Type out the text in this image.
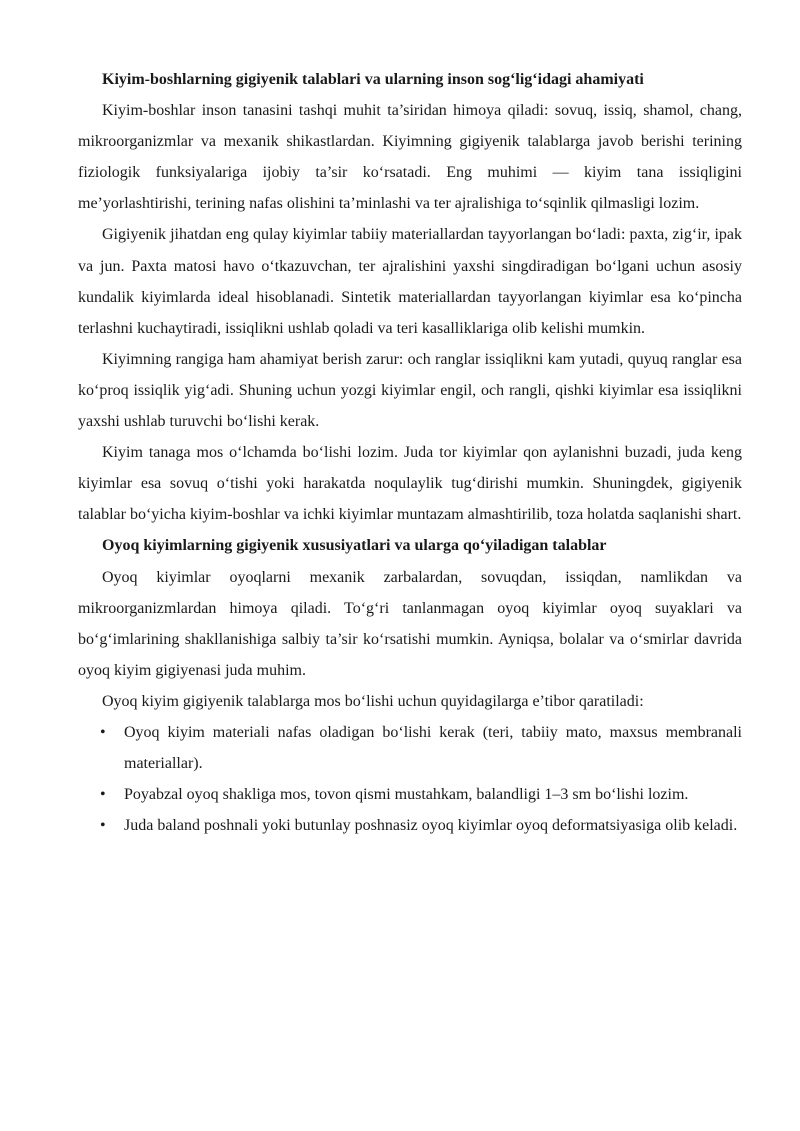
Kiyim-boshlarning gigiyenik talablari va ularning inson sog‘lig‘idagi ahamiyati

Kiyim-boshlar inson tanasini tashqi muhit ta’siridan himoya qiladi: sovuq, issiq, shamol, chang, mikroorganizmlar va mexanik shikastlardan. Kiyimning gigiyenik talablarga javob berishi terining fiziologik funksiyalariga ijobiy ta’sir ko‘rsatadi. Eng muhimi — kiyim tana issiqligini me’yorlashtirishi, terining nafas olishini ta’minlashi va ter ajralishiga to‘sqinlik qilmasligi lozim.

Gigiyenik jihatdan eng qulay kiyimlar tabiiy materiallardan tayyorlangan bo‘ladi: paxta, zig‘ir, ipak va jun. Paxta matosi havo o‘tkazuvchan, ter ajralishini yaxshi singdiradigan bo‘lgani uchun asosiy kundalik kiyimlarda ideal hisoblanadi. Sintetik materiallardan tayyorlangan kiyimlar esa ko‘pincha terlashni kuchaytiradi, issiqlikni ushlab qoladi va teri kasalliklariga olib kelishi mumkin.

Kiyimning rangiga ham ahamiyat berish zarur: och ranglar issiqlikni kam yutadi, quyuq ranglar esa ko‘proq issiqlik yig‘adi. Shuning uchun yozgi kiyimlar engil, och rangli, qishki kiyimlar esa issiqlikni yaxshi ushlab turuvchi bo‘lishi kerak.

Kiyim tanaga mos o‘lchamda bo‘lishi lozim. Juda tor kiyimlar qon aylanishni buzadi, juda keng kiyimlar esa sovuq o‘tishi yoki harakatda noqulaylik tug‘dirishi mumkin. Shuningdek, gigiyenik talablar bo‘yicha kiyim-boshlar va ichki kiyimlar muntazam almashtirilib, toza holatda saqlanishi shart.

Oyoq kiyimlarning gigiyenik xususiyatlari va ularga qo‘yiladigan talablar

Oyoq kiyimlar oyoqlarni mexanik zarbalardan, sovuqdan, issiqdan, namlikdan va mikroorganizmlardan himoya qiladi. To‘g‘ri tanlanmagan oyoq kiyimlar oyoq suyaklari va bo‘g‘imlarining shakllanishiga salbiy ta’sir ko‘rsatishi mumkin. Ayniqsa, bolalar va o‘smirlar davrida oyoq kiyim gigiyenasi juda muhim.

Oyoq kiyim gigiyenik talablarga mos bo‘lishi uchun quyidagilarga e’tibor qaratiladi:

• Oyoq kiyim materiali nafas oladigan bo‘lishi kerak (teri, tabiiy mato, maxsus membranali materiallar).
• Poyabzal oyoq shakliga mos, tovon qismi mustahkam, balandligi 1–3 sm bo‘lishi lozim.
• Juda baland poshnali yoki butunlay poshnasiz oyoq kiyimlar oyoq deformatsiyasiga olib keladi.
